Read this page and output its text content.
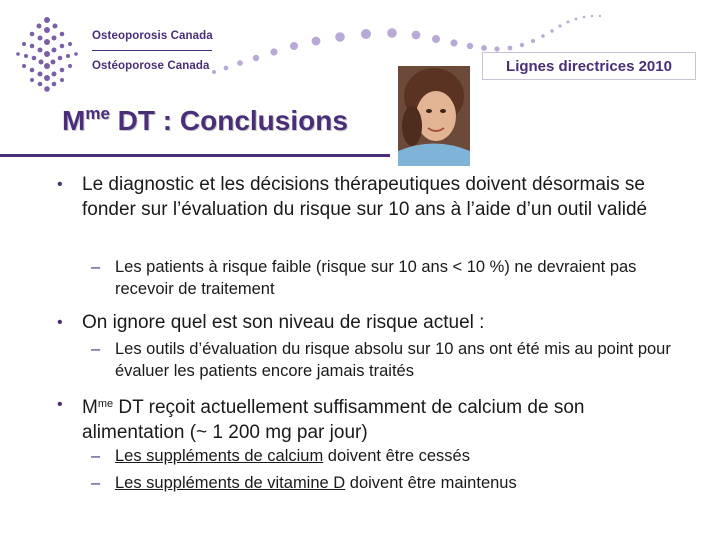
Osteoporosis Canada
Ostéoporose Canada	Lignes directrices 2010
$M^{me}$ DT : Conclusions
• Le diagnostic et les décisions thérapeutiques doivent désormais se fonder sur l’évaluation du risque sur 10 ans à l’aide d’un outil validé
– Les patients à risque faible (risque sur 10 ans < 10 %) ne devraient pas recevoir de traitement
• On ignore quel est son niveau de risque actuel :
– Les outils d’évaluation du risque absolu sur 10 ans ont été mis au point pour évaluer les patients encore jamais traités
• $M^{me}$ DT reçoit actuellement suffisamment de calcium de son alimentation (~ 1 200 mg par jour)
– Les suppléments de calcium doivent être cessés
– Les suppléments de vitamine D doivent être maintenus
